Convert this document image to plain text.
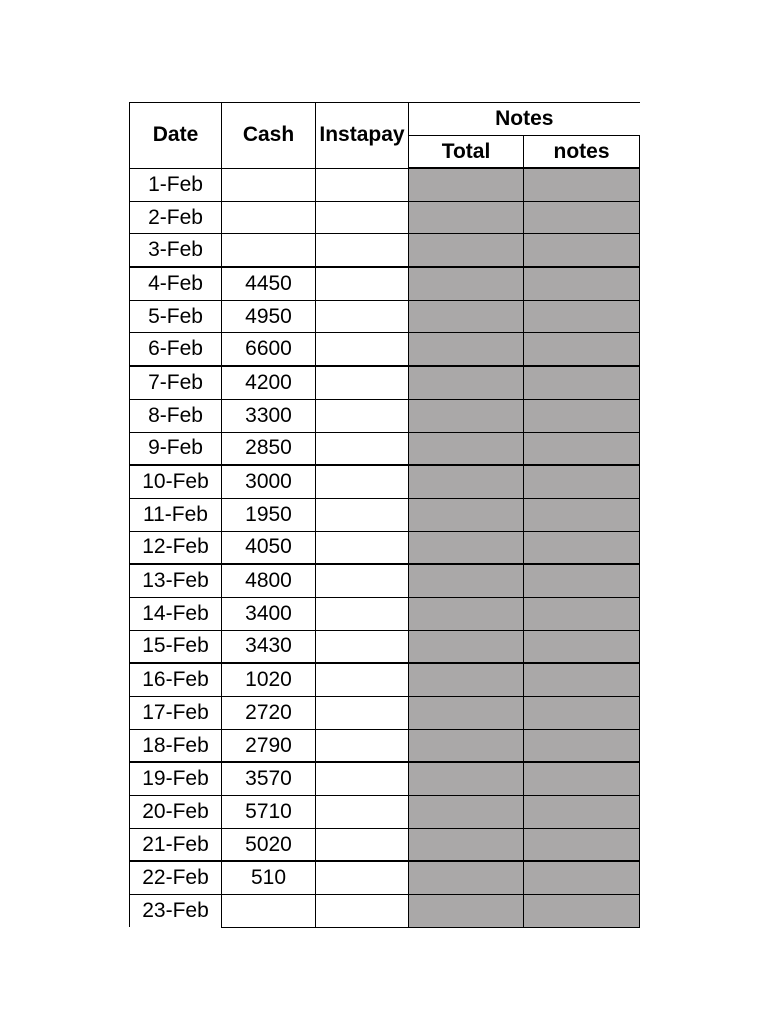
Date	Cash	Instapay	Notes	
			Total	notes
1-Feb				
2-Feb				
3-Feb				
4-Feb	4450			
5-Feb	4950			
6-Feb	6600			
7-Feb	4200			
8-Feb	3300			
9-Feb	2850			
10-Feb	3000			
11-Feb	1950			
12-Feb	4050			
13-Feb	4800			
14-Feb	3400			
15-Feb	3430			
16-Feb	1020			
17-Feb	2720			
18-Feb	2790			
19-Feb	3570			
20-Feb	5710			
21-Feb	5020			
22-Feb	510			
23-Feb				
